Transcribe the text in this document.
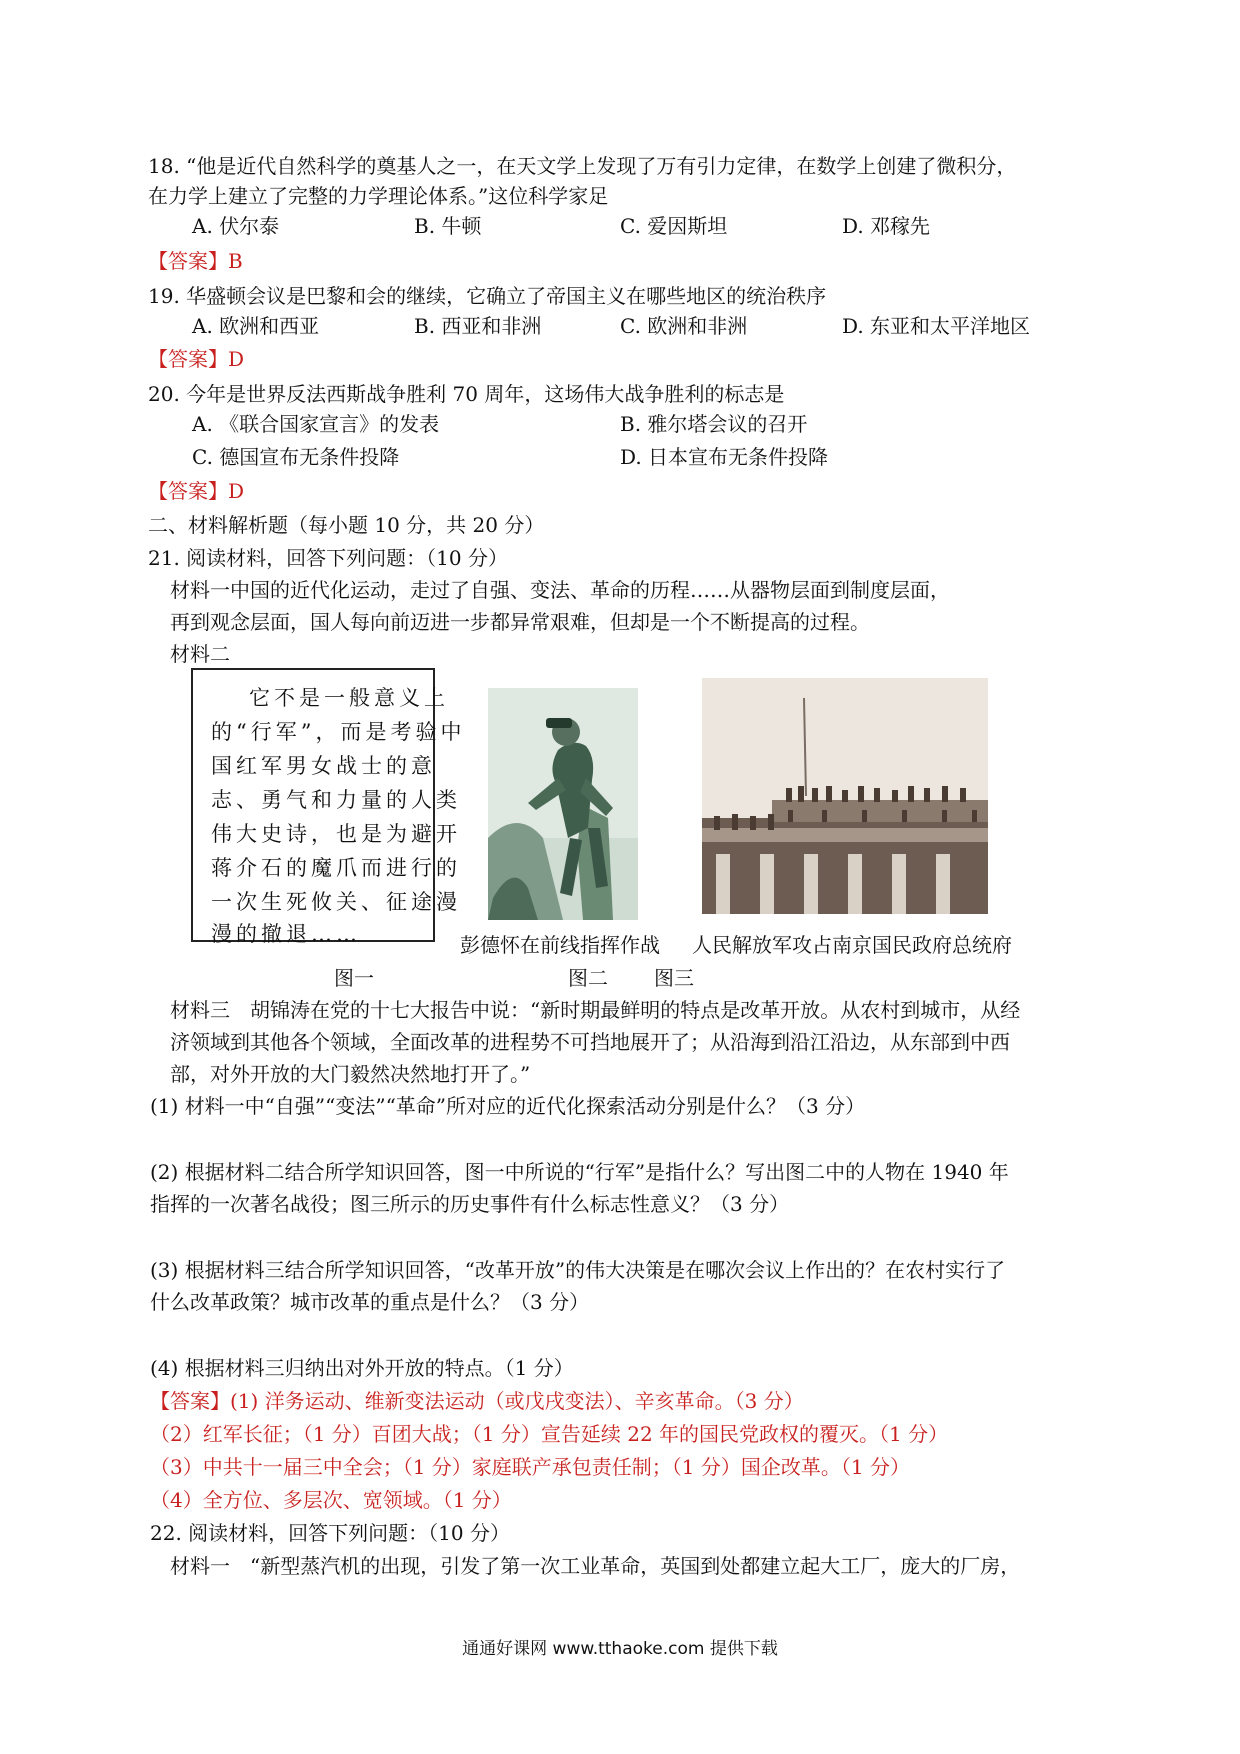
18. “他是近代自然科学的奠基人之一，在天文学上发现了万有引力定律，在数学上创建了微积分，
在力学上建立了完整的力学理论体系。”这位科学家足
A. 伏尔泰	B. 牛顿	C. 爱因斯坦	D. 邓稼先
【答案】B
19. 华盛顿会议是巴黎和会的继续，它确立了帝国主义在哪些地区的统治秩序
A. 欧洲和西亚	B. 西亚和非洲	C. 欧洲和非洲	D. 东亚和太平洋地区
【答案】D
20. 今年是世界反法西斯战争胜利 70 周年，这场伟大战争胜利的标志是
A. 《联合国家宣言》的发表	B. 雅尔塔会议的召开
C. 德国宣布无条件投降	D. 日本宣布无条件投降
【答案】D
二、材料解析题（每小题 10 分，共 20 分）
21. 阅读材料，回答下列问题：（10 分）
材料一中国的近代化运动，走过了自强、变法、革命的历程……从器物层面到制度层面，
再到观念层面，国人每向前迈进一步都异常艰难，但却是一个不断提高的过程。
材料二
它不是一般意义上
的“行军”，而是考验中
国红军男女战士的意
志、勇气和力量的人类
伟大史诗，也是为避开
蒋介石的魔爪而进行的
一次生死攸关、征途漫
漫的撤退……	彭德怀在前线指挥作战 人民解放军攻占南京国民政府总统府
图一	图二 图三
材料三　胡锦涛在党的十七大报告中说：“新时期最鲜明的特点是改革开放。从农村到城市，从经
济领域到其他各个领域，全面改革的进程势不可挡地展开了；从沿海到沿江沿边，从东部到中西
部，对外开放的大门毅然决然地打开了。”
(1) 材料一中“自强”“变法”“革命”所对应的近代化探索活动分别是什么？（3 分）
(2) 根据材料二结合所学知识回答，图一中所说的“行军”是指什么？写出图二中的人物在 1940 年
指挥的一次著名战役；图三所示的历史事件有什么标志性意义？（3 分）
(3) 根据材料三结合所学知识回答，“改革开放”的伟大决策是在哪次会议上作出的？在农村实行了
什么改革政策？城市改革的重点是什么？（3 分）
(4) 根据材料三归纳出对外开放的特点。（1 分）
【答案】(1) 洋务运动、维新变法运动（或戊戌变法）、辛亥革命。（3 分）
（2）红军长征；（1 分）百团大战；（1 分）宣告延续 22 年的国民党政权的覆灭。（1 分）
（3）中共十一届三中全会；（1 分）家庭联产承包责任制；（1 分）国企改革。（1 分）
（4）全方位、多层次、宽领域。（1 分）
22. 阅读材料，回答下列问题：（10 分）
材料一　“新型蒸汽机的出现，引发了第一次工业革命，英国到处都建立起大工厂，庞大的厂房，
通通好课网 www.tthaoke.com 提供下载
